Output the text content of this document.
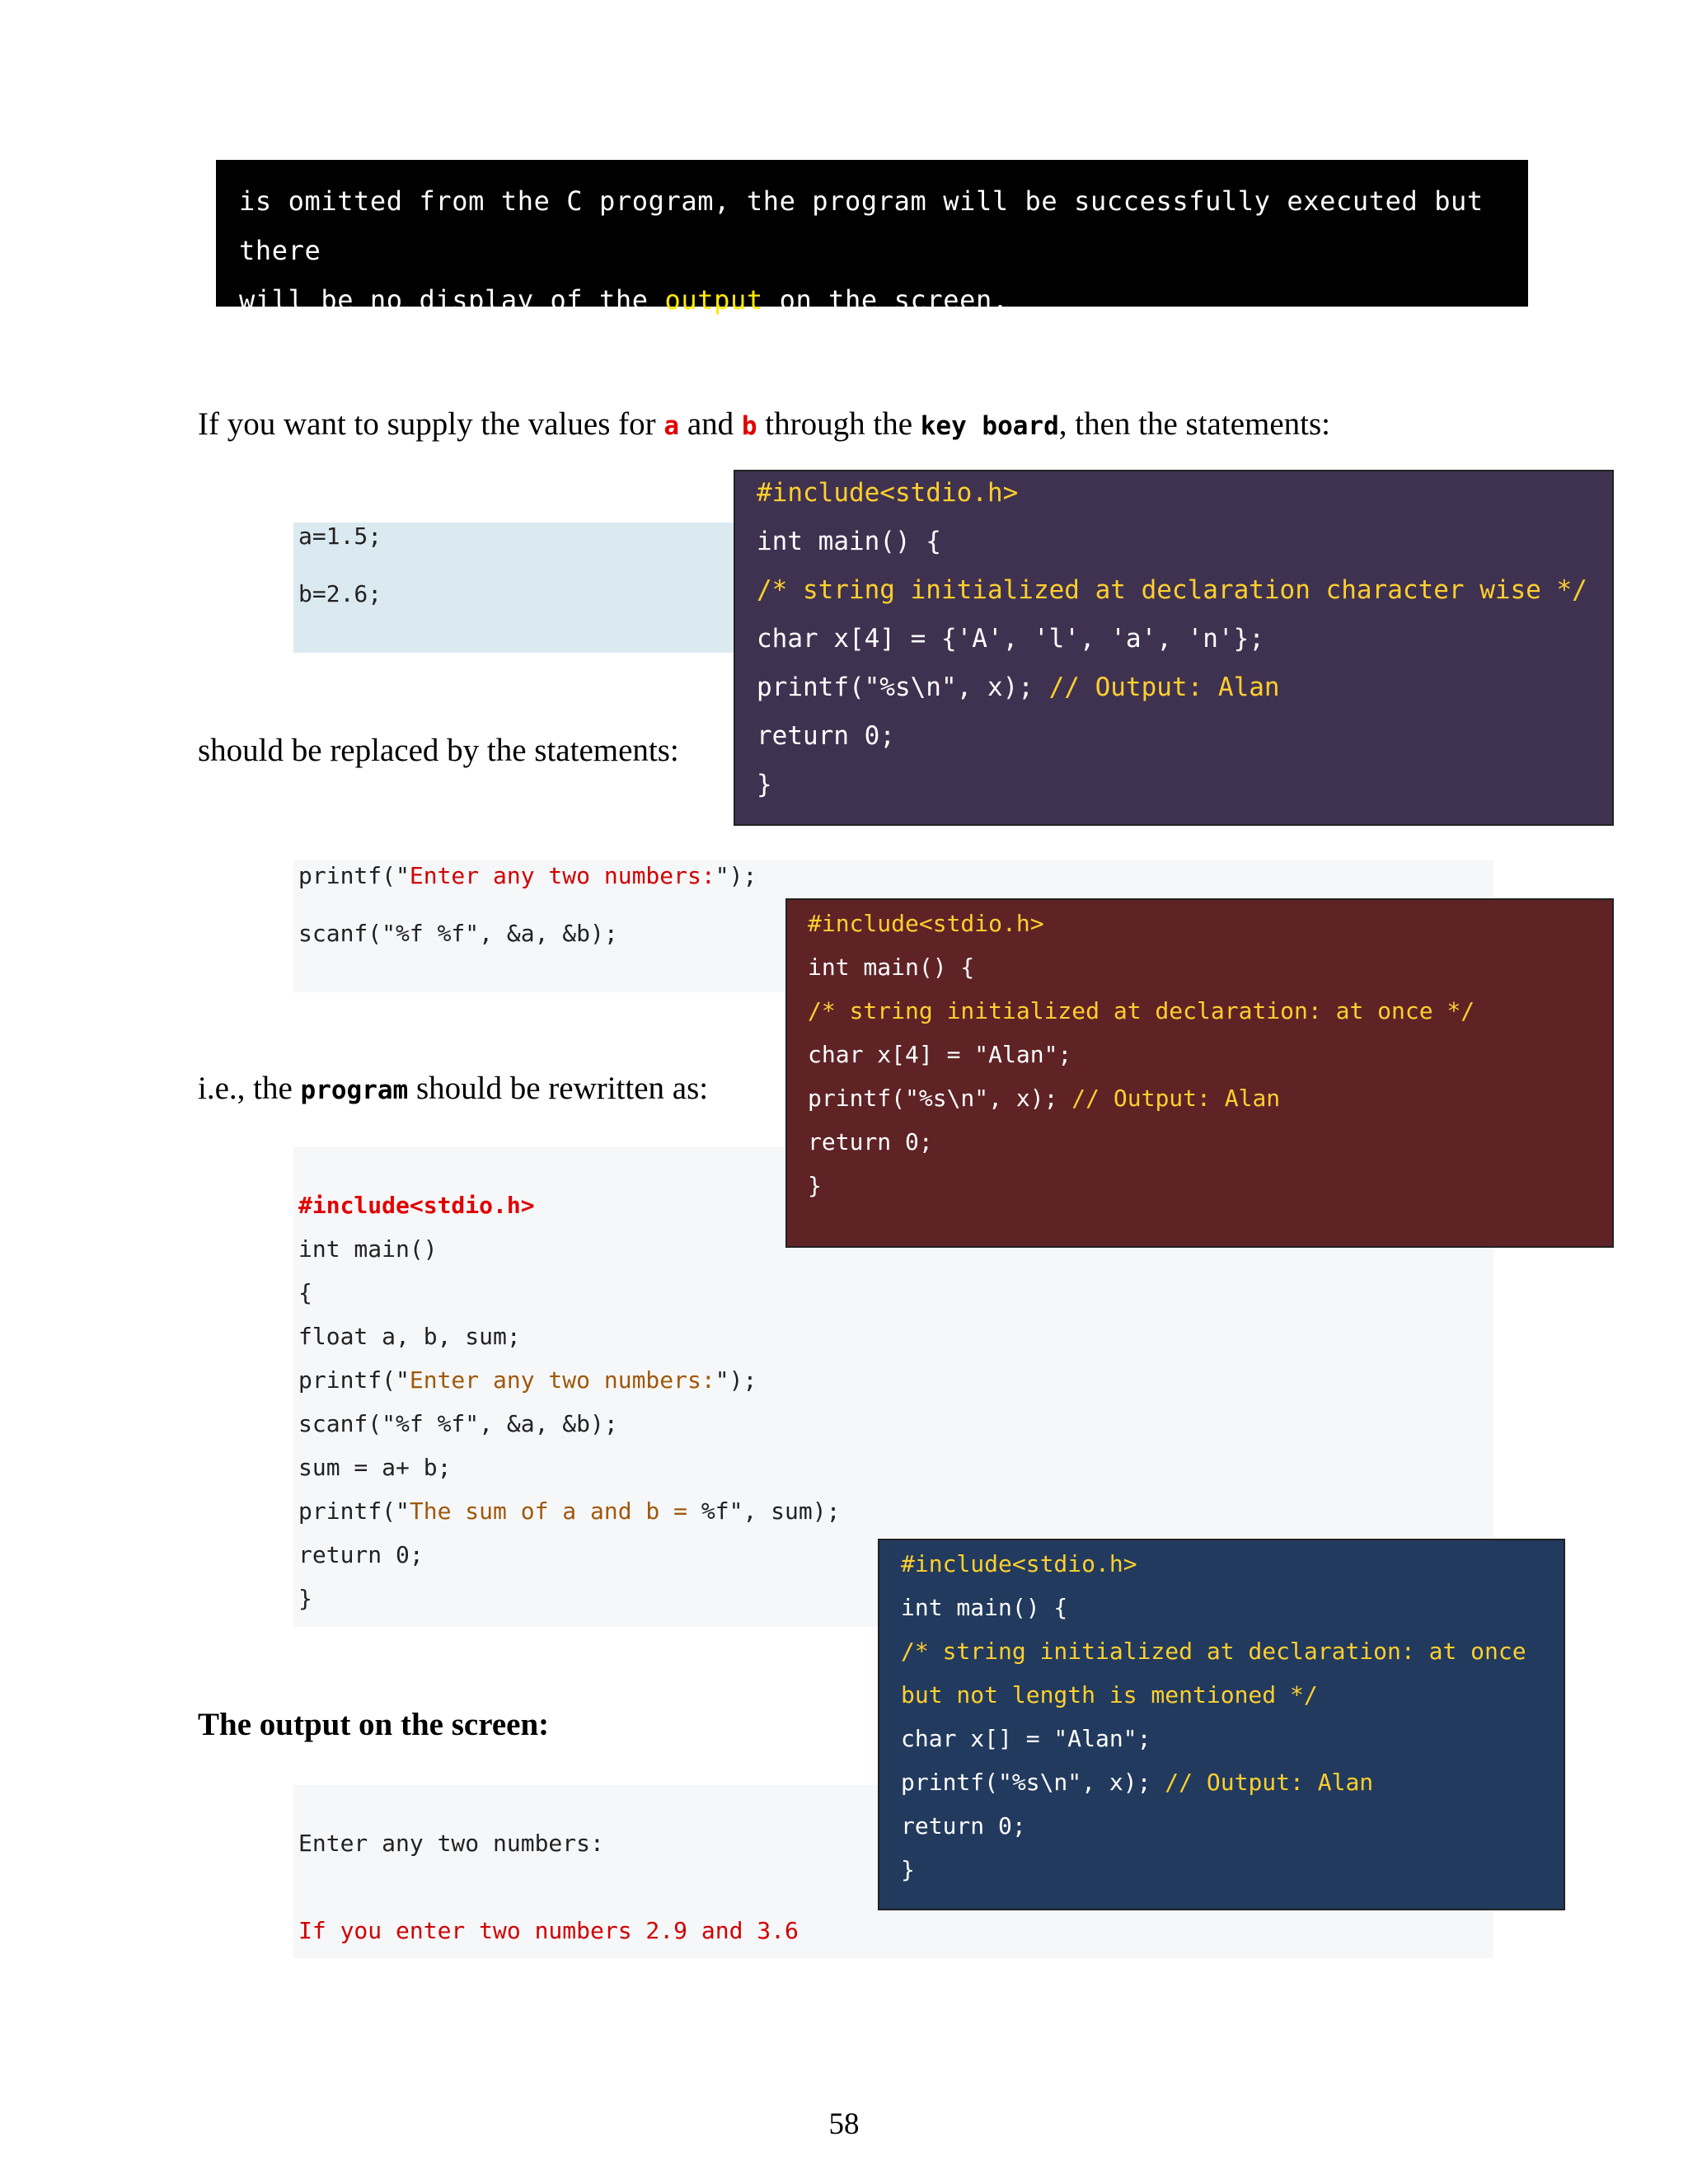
is omitted from the C program, the program will be successfully executed but there
will be no display of the output on the screen.
If you want to supply the values for a and b through the key board, then the statements:
a=1.5;
b=2.6;
should be replaced by the statements:
printf("Enter any two numbers:");
scanf("%f %f", &a, &b);
i.e., the program should be rewritten as:
#include<stdio.h>
int main()
{
float a, b, sum;
printf("Enter any two numbers:");
scanf("%f %f", &a, &b);
sum = a+ b;
printf("The sum of a and b = %f", sum);
return 0;
}
The output on the screen:
Enter any two numbers:
If you enter two numbers 2.9 and 3.6

#include<stdio.h>

int main() {

/* string initialized at declaration character wise */

char x[4] = {'A', 'l', 'a', 'n'};

printf("%s\n", x); // Output: Alan

return 0;

}

#include<stdio.h>

int main() {

/* string initialized at declaration: at once */

char x[4] = "Alan";

printf("%s\n", x); // Output: Alan

return 0;

}

#include<stdio.h>

int main() {

/* string initialized at declaration: at once

but not length is mentioned */

char x[] = "Alan";

printf("%s\n", x); // Output: Alan

return 0;

}

58
